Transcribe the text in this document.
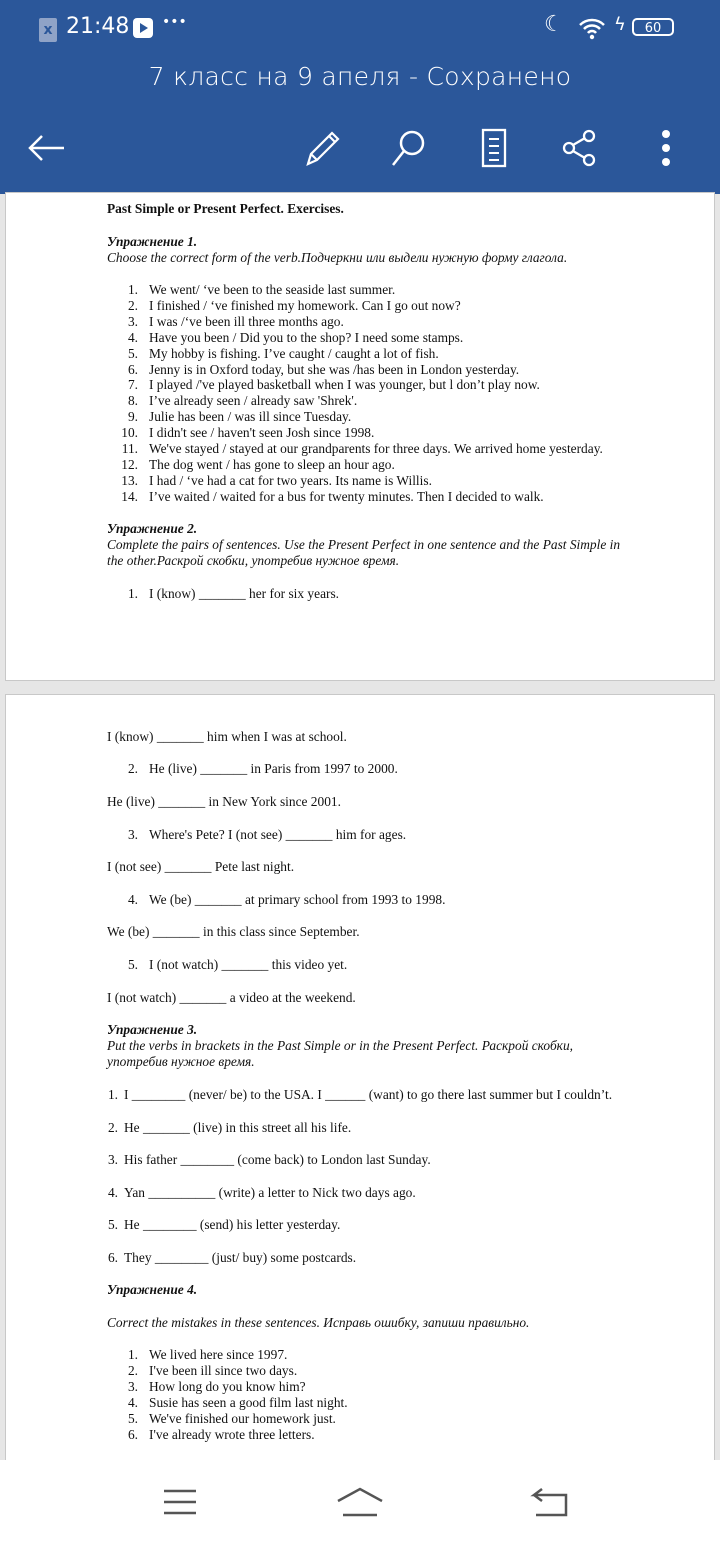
x 21:48 •••	☾	ϟ	60
7 класс на 9 апеля - Сохранено
Past Simple or Present Perfect. Exercises.
Упражнение 1.
Choose the correct form of the verb.Подчеркни или выдели нужную форму глагола.
1. We went/ ‘ve been to the seaside last summer.
2. I finished / ‘ve finished my homework. Can I go out now?
3. I was /‘ve been ill three months ago.
4. Have you been / Did you to the shop? I need some stamps.
5. My hobby is fishing. I’ve caught / caught a lot of fish.
6. Jenny is in Oxford today, but she was /has been in London yesterday.
7. I played /'ve played basketball when I was younger, but l don’t play now.
8. I’ve already seen / already saw 'Shrek'.
9. Julie has been / was ill since Tuesday.
10. I didn't see / haven't seen Josh since 1998.
11. We've stayed / stayed at our grandparents for three days. We arrived home yesterday.
12. The dog went / has gone to sleep an hour ago.
13. I had / ‘ve had a cat for two years. Its name is Willis.
14. I’ve waited / waited for a bus for twenty minutes. Then I decided to walk.
Упражнение 2.
Complete the pairs of sentences. Use the Present Perfect in one sentence and the Past Simple in
the other.Раскрой скобки, употребив нужное время.
1. I (know) _______ her for six years.
I (know) _______ him when I was at school.
2. He (live) _______ in Paris from 1997 to 2000.
He (live) _______ in New York since 2001.
3. Where's Pete? I (not see) _______ him for ages.
I (not see) _______ Pete last night.
4. We (be) _______ at primary school from 1993 to 1998.
We (be) _______ in this class since September.
5. I (not watch) _______ this video yet.
I (not watch) _______ a video at the weekend.
Упражнение 3.
Put the verbs in brackets in the Past Simple or in the Present Perfect. Раскрой скобки,
употребив нужное время.
1. I ________ (never/ be) to the USA. I ______ (want) to go there last summer but I couldn’t.
2. He _______ (live) in this street all his life.
3. His father ________ (come back) to London last Sunday.
4. Yan __________ (write) a letter to Nick two days ago.
5. He ________ (send) his letter yesterday.
6. They ________ (just/ buy) some postcards.
Упражнение 4.
Correct the mistakes in these sentences. Исправь ошибку, запиши правильно.
1. We lived here since 1997.
2. I've been ill since two days.
3. How long do you know him?
4. Susie has seen a good film last night.
5. We've finished our homework just.
6. I've already wrote three letters.
